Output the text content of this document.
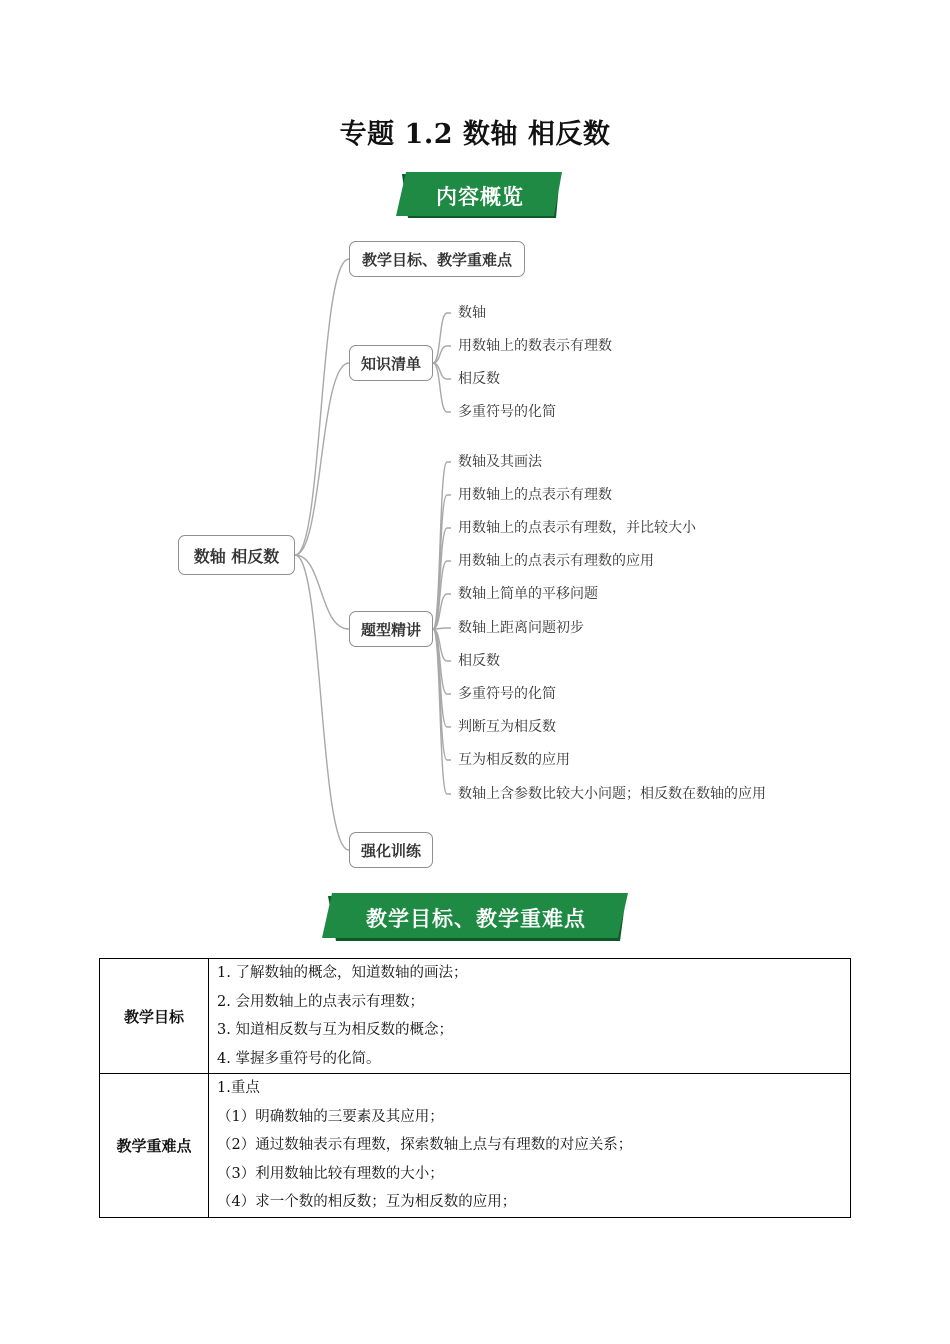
专题 1.2 数轴 相反数
内容概览
数轴 相反数
教学目标、教学重难点
知识清单
题型精讲
强化训练
数轴
用数轴上的数表示有理数
相反数
多重符号的化简
数轴及其画法
用数轴上的点表示有理数
用数轴上的点表示有理数，并比较大小
用数轴上的点表示有理数的应用
数轴上简单的平移问题
数轴上距离问题初步
相反数
多重符号的化简
判断互为相反数
互为相反数的应用
数轴上含参数比较大小问题；相反数在数轴的应用
教学目标、教学重难点
教学目标	1. 了解数轴的概念，知道数轴的画法；
2. 会用数轴上的点表示有理数；
3. 知道相反数与互为相反数的概念；
4. 掌握多重符号的化简。

教学重难点	1.重点
（1）明确数轴的三要素及其应用；
（2）通过数轴表示有理数，探索数轴上点与有理数的对应关系；
（3）利用数轴比较有理数的大小；
（4）求一个数的相反数；互为相反数的应用；
